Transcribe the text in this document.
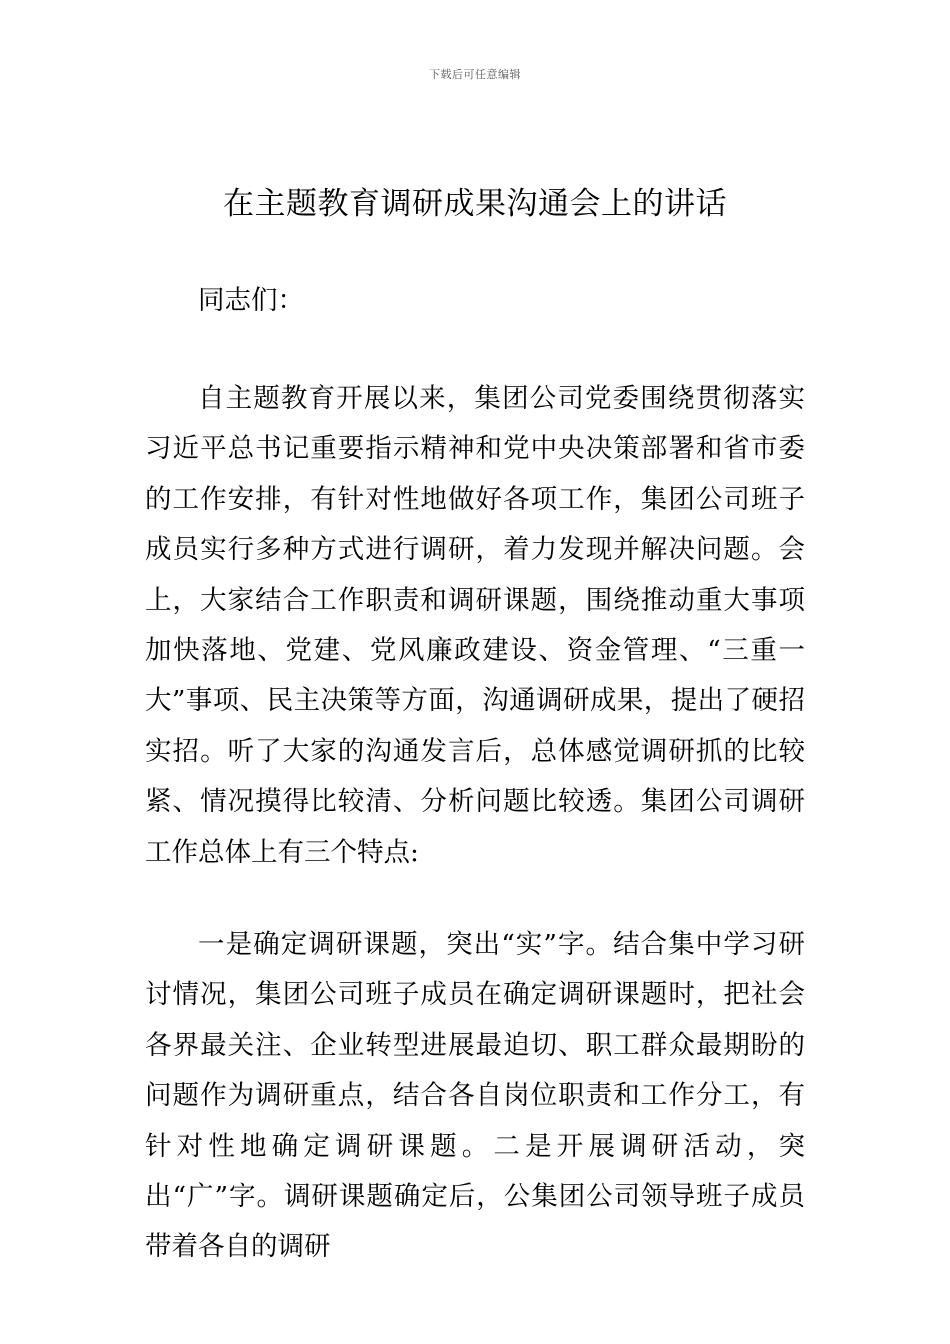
下载后可任意编辑
在主题教育调研成果沟通会上的讲话
同志们：
自主题教育开展以来，集团公司党委围绕贯彻落实习近平总书记重要指示精神和党中央决策部署和省市委的工作安排，有针对性地做好各项工作，集团公司班子成员实行多种方式进行调研，着力发现并解决问题。会上，大家结合工作职责和调研课题，围绕推动重大事项加快落地、党建、党风廉政建设、资金管理、“三重一大”事项、民主决策等方面，沟通调研成果，提出了硬招实招。听了大家的沟通发言后，总体感觉调研抓的比较紧、情况摸得比较清、分析问题比较透。集团公司调研工作总体上有三个特点:
一是确定调研课题，突出“实”字。结合集中学习研讨情况，集团公司班子成员在确定调研课题时，把社会各界最关注、企业转型进展最迫切、职工群众最期盼的问题作为调研重点，结合各自岗位职责和工作分工，有针对性地确定调研课题。二是开展调研活动，突出“广”字。调研课题确定后，公集团公司领导班子成员带着各自的调研
